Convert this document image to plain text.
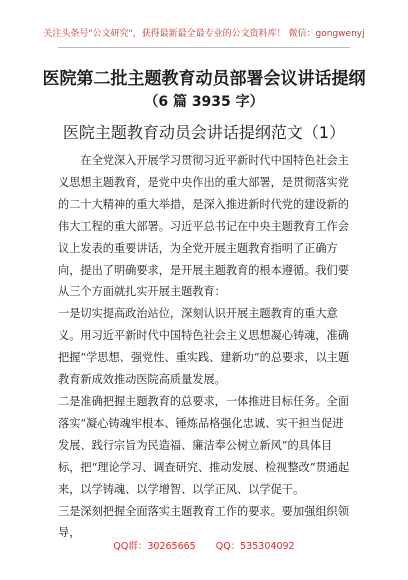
关注头条号"公文研究"，获得最新最全最专业的公文资料库！ 微信：gongwenyj
医院第二批主题教育动员部署会议讲话提纲
（6 篇 3935 字）
医院主题教育动员会讲话提纲范文（1）

在全党深入开展学习贯彻习近平新时代中国特色社会主义思想主题教育，是党中央作出的重大部署，是贯彻落实党的二十大精神的重大举措，是深入推进新时代党的建设新的伟大工程的重大部署。习近平总书记在中央主题教育工作会议上发表的重要讲话，为全党开展主题教育指明了正确方向，提出了明确要求，是开展主题教育的根本遵循。我们要从三个方面就扎实开展主题教育：

一是切实提高政治站位，深刻认识开展主题教育的重大意义。用习近平新时代中国特色社会主义思想凝心铸魂，准确把握“学思想、强党性、重实践、建新功”的总要求，以主题教育新成效推动医院高质量发展。

二是准确把握主题教育的总要求，一体推进目标任务。全面落实“凝心铸魂牢根本、锤炼品格强化忠诚、实干担当促进发展、践行宗旨为民造福、廉洁奉公树立新风”的具体目标，把“理论学习、调查研究、推动发展、检视整改”贯通起来，以学铸魂、以学增智、以学正风、以学促干。

三是深刻把握全面落实主题教育工作的要求。要加强组织领导，

QQ群：30265665 QQ：535304092
